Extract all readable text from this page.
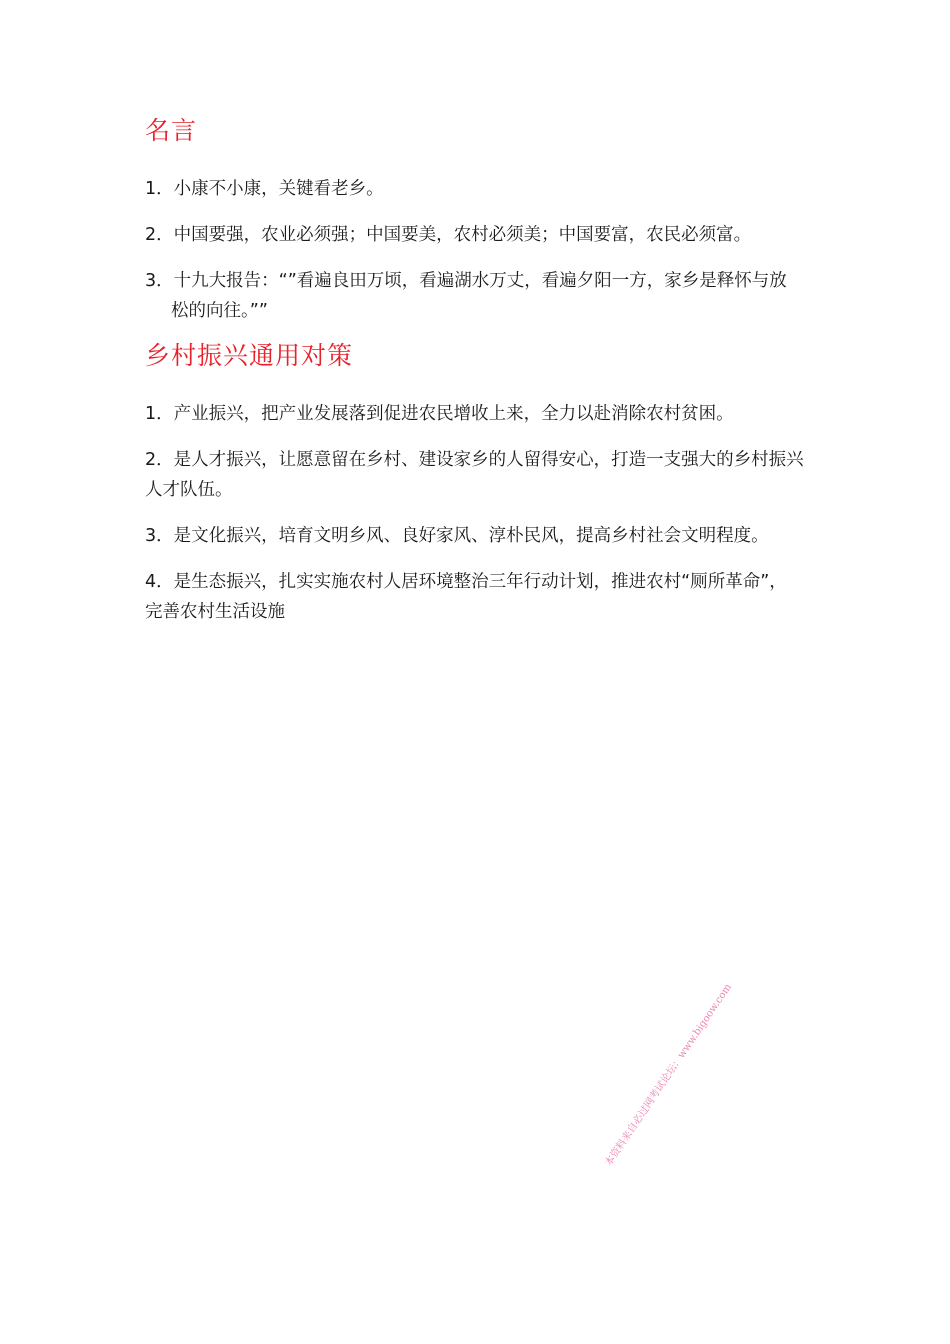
名言
1．小康不小康，关键看老乡。
2．中国要强，农业必须强；中国要美，农村必须美；中国要富，农民必须富。
3．十九大报告：“”看遍良田万顷，看遍湖水万丈，看遍夕阳一方，家乡是释怀与放
松的向往。””
乡村振兴通用对策
1．产业振兴，把产业发展落到促进农民增收上来，全力以赴消除农村贫困。
2．是人才振兴，让愿意留在乡村、建设家乡的人留得安心，打造一支强大的乡村振兴
人才队伍。
3．是文化振兴，培育文明乡风、良好家风、淳朴民风，提高乡村社会文明程度。
4．是生态振兴，扎实实施农村人居环境整治三年行动计划，推进农村“厕所革命”，
完善农村生活设施
本资料来自必过网考试论坛：www.bigoow.com
